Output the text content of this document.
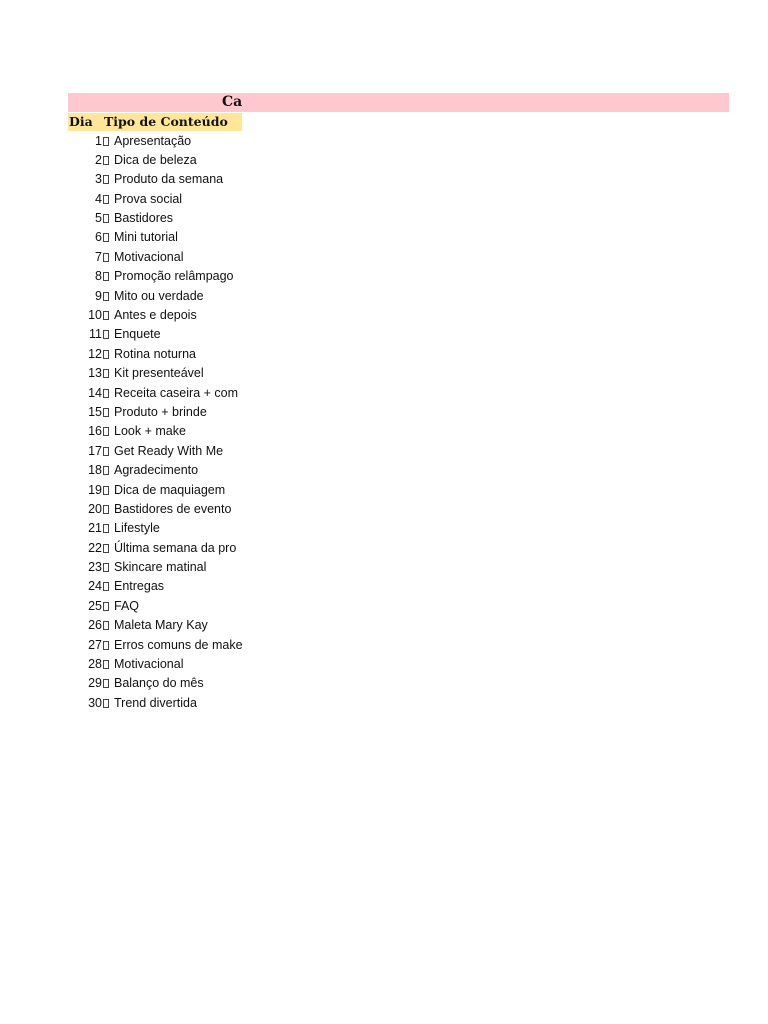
Ca
Dia Tipo de Conteúdo
1 Apresentação
2 Dica de beleza
3 Produto da semana
4 Prova social
5 Bastidores
6 Mini tutorial
7 Motivacional
8 Promoção relâmpago
9 Mito ou verdade
10 Antes e depois
11 Enquete
12 Rotina noturna
13 Kit presenteável
14 Receita caseira + com
15 Produto + brinde
16 Look + make
17 Get Ready With Me
18 Agradecimento
19 Dica de maquiagem
20 Bastidores de evento
21 Lifestyle
22 Última semana da pro
23 Skincare matinal
24 Entregas
25 FAQ
26 Maleta Mary Kay
27 Erros comuns de make
28 Motivacional
29 Balanço do mês
30 Trend divertida
